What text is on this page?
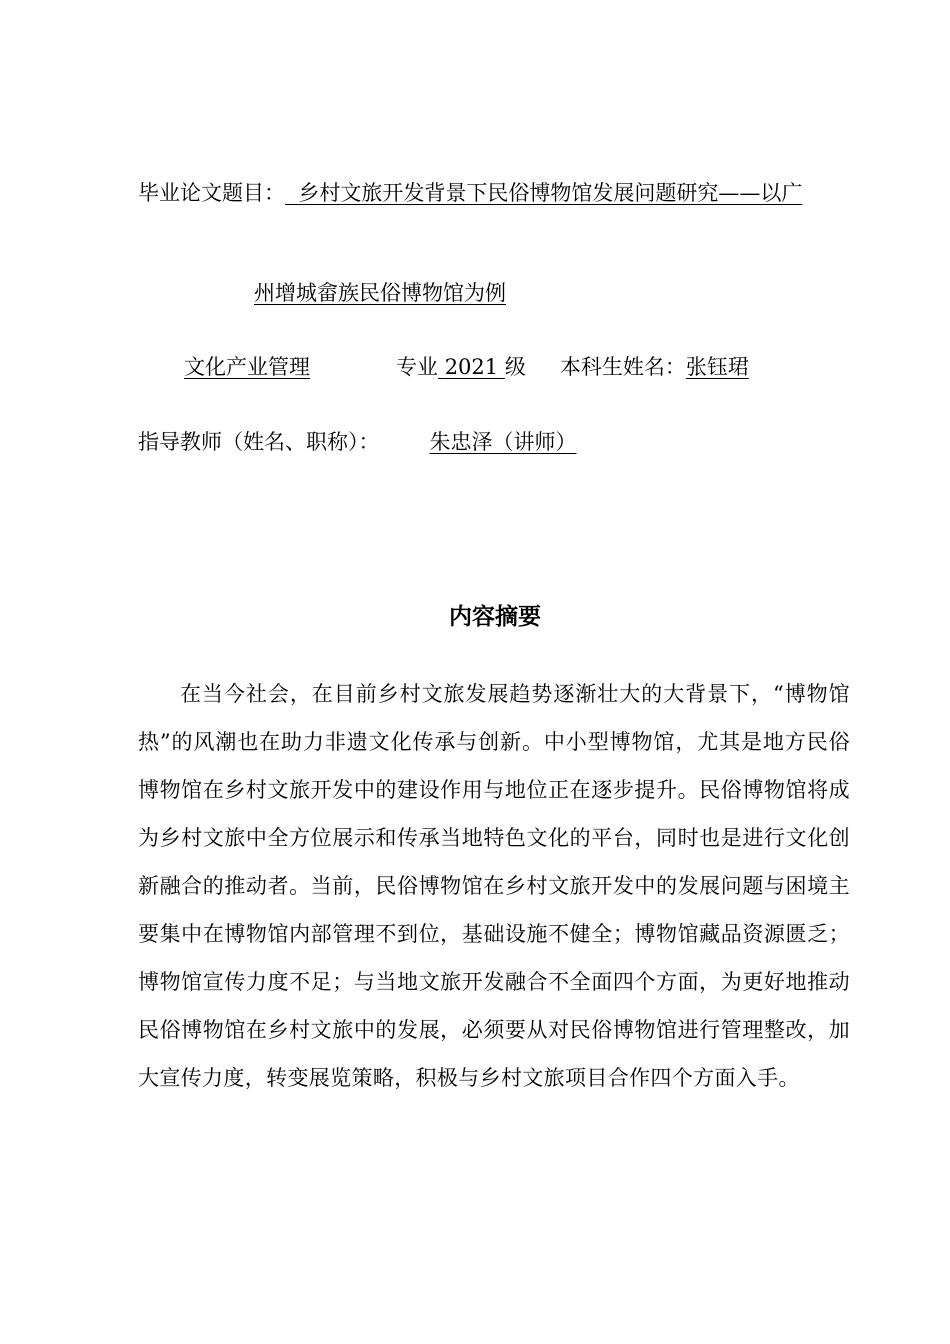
毕业论文题目： 乡村文旅开发背景下民俗博物馆发展问题研究——以广
州增城畲族民俗博物馆为例
文化产业管理	专业 2021 级 本科生姓名：张钰珺
指导教师（姓名、职称）： 朱忠泽（讲师）
内容摘要

在当今社会，在目前乡村文旅发展趋势逐渐壮大的大背景下，“博物馆热”的风潮也在助力非遗文化传承与创新。中小型博物馆，尤其是地方民俗博物馆在乡村文旅开发中的建设作用与地位正在逐步提升。民俗博物馆将成为乡村文旅中全方位展示和传承当地特色文化的平台，同时也是进行文化创新融合的推动者。当前，民俗博物馆在乡村文旅开发中的发展问题与困境主要集中在博物馆内部管理不到位，基础设施不健全；博物馆藏品资源匮乏；博物馆宣传力度不足；与当地文旅开发融合不全面四个方面，为更好地推动民俗博物馆在乡村文旅中的发展，必须要从对民俗博物馆进行管理整改，加大宣传力度，转变展览策略，积极与乡村文旅项目合作四个方面入手。
